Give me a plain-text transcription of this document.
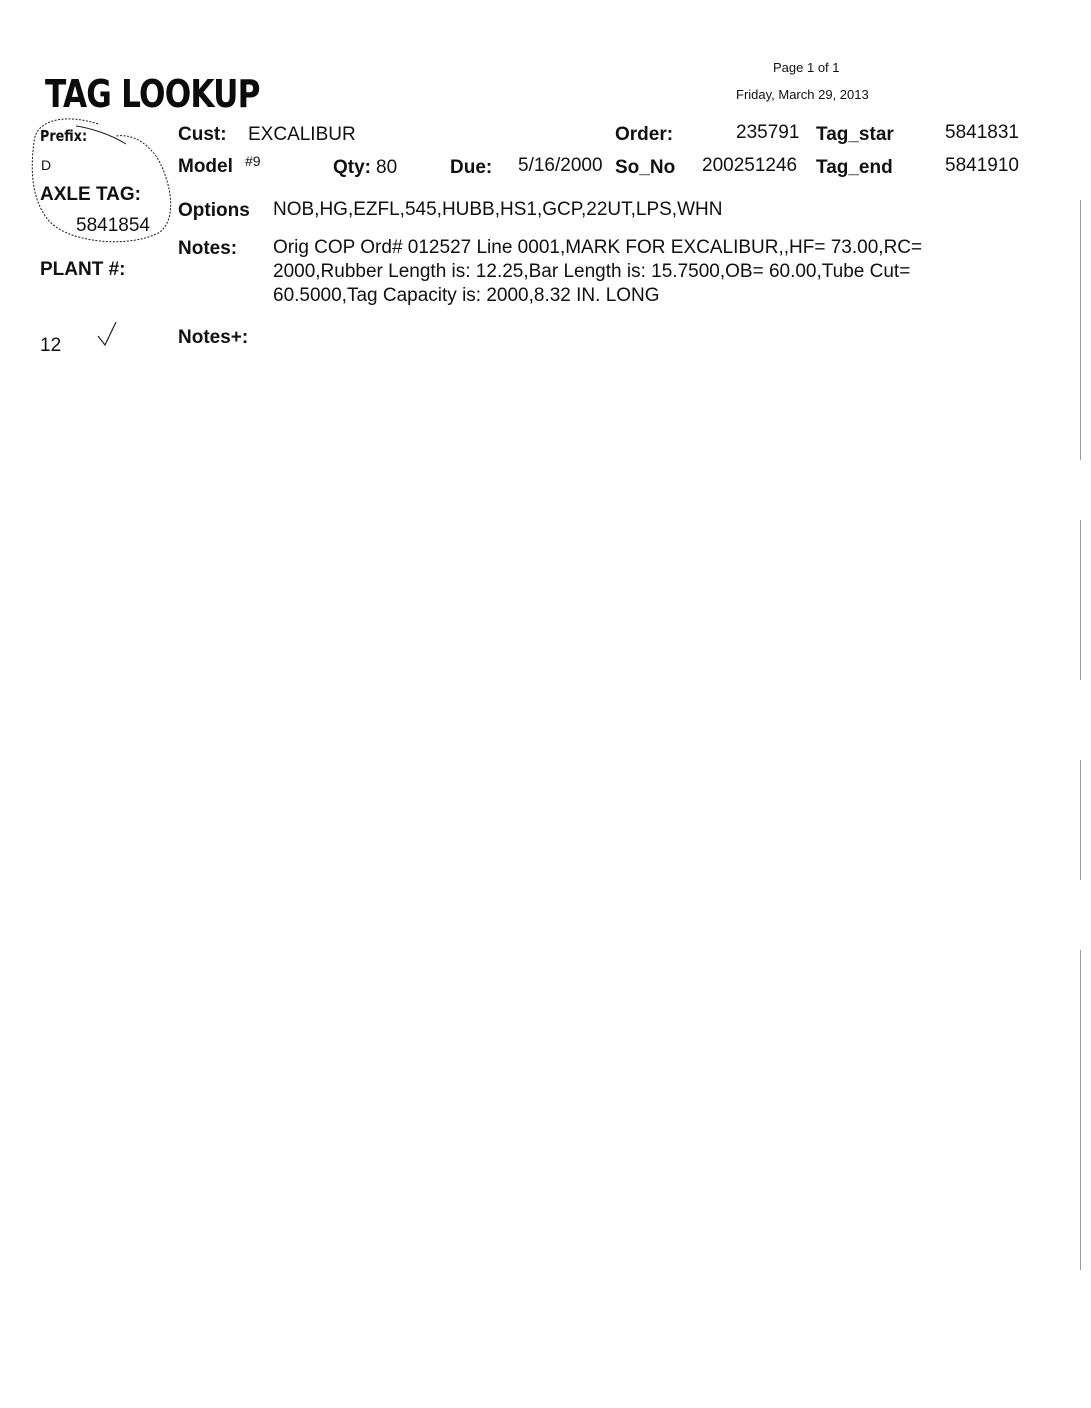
TAG LOOKUP
Page 1 of 1
Friday, March 29, 2013
Prefix:
D
AXLE TAG:
5841854
PLANT #:
12
Cust: EXCALIBUR	Order:	235791 Tag_star	5841831
Model #9	Qty: 80	Due: 5/16/2000 So_No 200251246 Tag_end	5841910
Options NOB,HG,EZFL,545,HUBB,HS1,GCP,22UT,LPS,WHN
Notes: Orig COP Ord# 012527 Line 0001,MARK FOR EXCALIBUR,,HF= 73.00,RC= 2000,Rubber Length is: 12.25,Bar Length is: 15.7500,OB= 60.00,Tube Cut= 60.5000,Tag Capacity is: 2000,8.32 IN. LONG
Notes+:
